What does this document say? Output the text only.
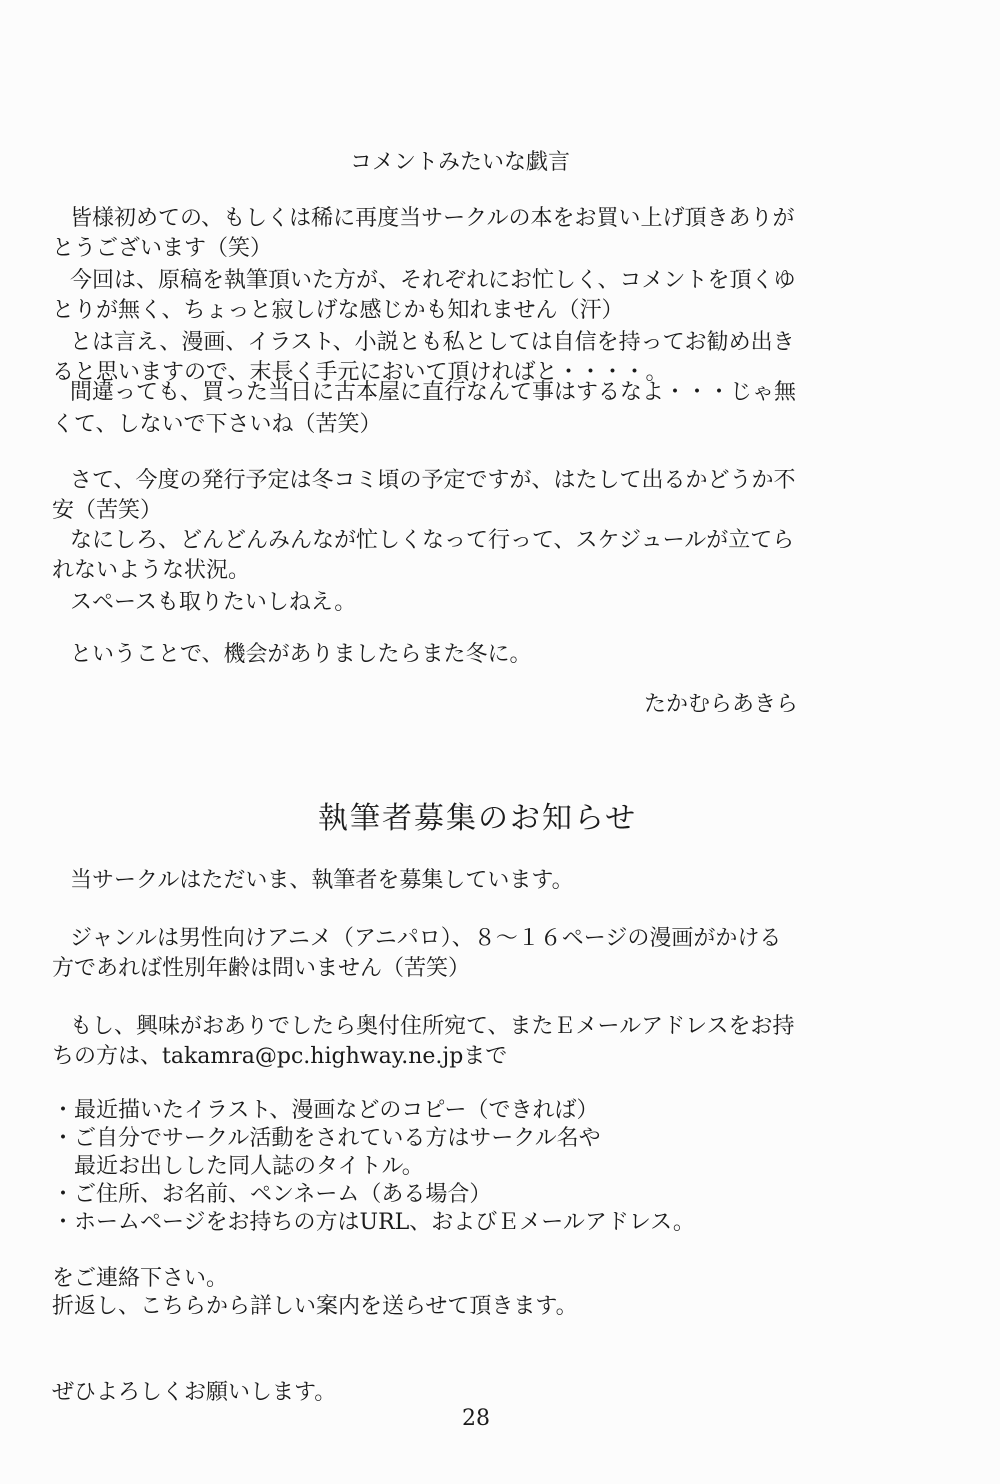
コメントみたいな戯言
皆様初めての、もしくは稀に再度当サークルの本をお買い上げ頂きありが
とうございます（笑）
今回は、原稿を執筆頂いた方が、それぞれにお忙しく、コメントを頂くゆ
とりが無く、ちょっと寂しげな感じかも知れません（汗）
とは言え、漫画、イラスト、小説とも私としては自信を持ってお勧め出き
ると思いますので、末長く手元において頂ければと・・・・。
間違っても、買った当日に古本屋に直行なんて事はするなよ・・・じゃ無
くて、しないで下さいね（苦笑）
さて、今度の発行予定は冬コミ頃の予定ですが、はたして出るかどうか不
安（苦笑）
なにしろ、どんどんみんなが忙しくなって行って、スケジュールが立てら
れないような状況。
スペースも取りたいしねえ。
ということで、機会がありましたらまた冬に。
たかむらあきら
執筆者募集のお知らせ
当サークルはただいま、執筆者を募集しています。
ジャンルは男性向けアニメ（アニパロ）、８～１６ページの漫画がかける
方であれば性別年齢は問いません（苦笑）
もし、興味がおありでしたら奥付住所宛て、またＥメールアドレスをお持
ちの方は、takamra@pc.highway.ne.jpまで
・最近描いたイラスト、漫画などのコピー（できれば）
・ご自分でサークル活動をされている方はサークル名や
　最近お出しした同人誌のタイトル。
・ご住所、お名前、ペンネーム（ある場合）
・ホームページをお持ちの方はURL、およびＥメールアドレス。
をご連絡下さい。
折返し、こちらから詳しい案内を送らせて頂きます。
ぜひよろしくお願いします。
28
